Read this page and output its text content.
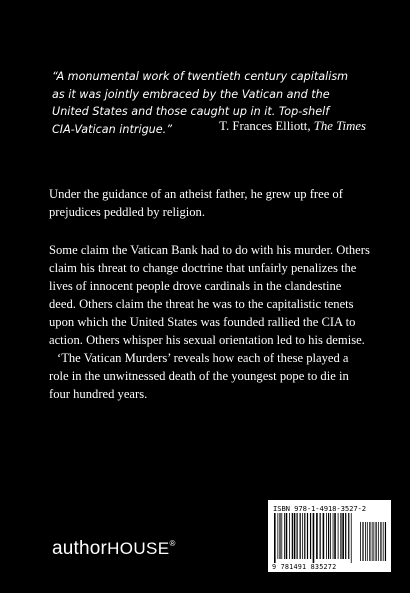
“A monumental work of twentieth century capitalism
as it was jointly embraced by the Vatican and the
United States and those caught up in it. Top-shelf
CIA-Vatican intrigue.”	T. Frances Elliott, The Times

Under the guidance of an atheist father, he grew up free of prejudices peddled by religion.

Some claim the Vatican Bank had to do with his murder. Others claim his threat to change doctrine that unfairly penalizes the lives of innocent people drove cardinals in the clandestine deed. Others claim the threat he was to the capitalistic tenets upon which the United States was founded rallied the CIA to action. Others whisper his sexual orientation led to his demise.

‘The Vatican Murders’ reveals how each of these played a role in the unwitnessed death of the youngest pope to die in four hundred years.

authorHOUSE®
ISBN 978-1-4918-3527-2
9 781491 835272
